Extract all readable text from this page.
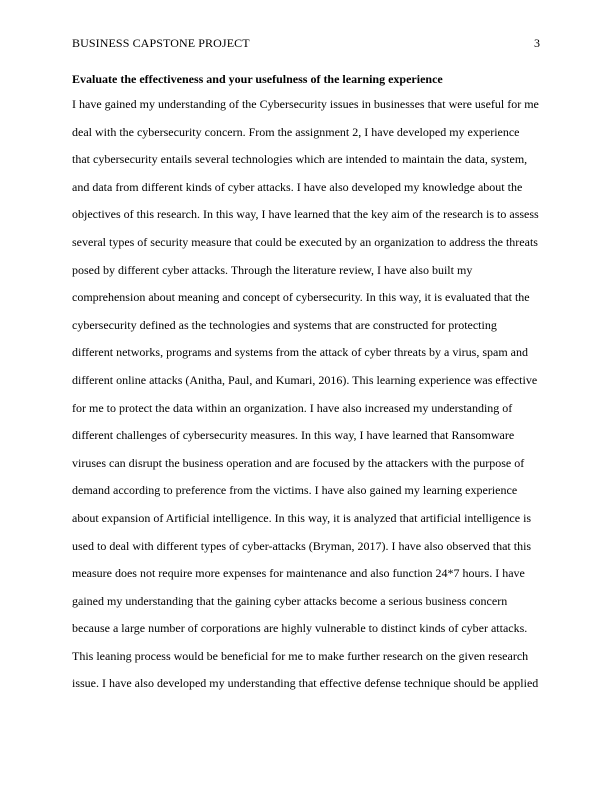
BUSINESS CAPSTONE PROJECT	3
Evaluate the effectiveness and your usefulness of the learning experience
I have gained my understanding of the Cybersecurity issues in businesses that were useful for me
deal with the cybersecurity concern. From the assignment 2, I have developed my experience
that cybersecurity entails several technologies which are intended to maintain the data, system,
and data from different kinds of cyber attacks. I have also developed my knowledge about the
objectives of this research. In this way, I have learned that the key aim of the research is to assess
several types of security measure that could be executed by an organization to address the threats
posed by different cyber attacks. Through the literature review, I have also built my
comprehension about meaning and concept of cybersecurity. In this way, it is evaluated that the
cybersecurity defined as the technologies and systems that are constructed for protecting
different networks, programs and systems from the attack of cyber threats by a virus, spam and
different online attacks (Anitha, Paul, and Kumari, 2016). This learning experience was effective
for me to protect the data within an organization. I have also increased my understanding of
different challenges of cybersecurity measures. In this way, I have learned that Ransomware
viruses can disrupt the business operation and are focused by the attackers with the purpose of
demand according to preference from the victims. I have also gained my learning experience
about expansion of Artificial intelligence. In this way, it is analyzed that artificial intelligence is
used to deal with different types of cyber-attacks (Bryman, 2017). I have also observed that this
measure does not require more expenses for maintenance and also function 24*7 hours. I have
gained my understanding that the gaining cyber attacks become a serious business concern
because a large number of corporations are highly vulnerable to distinct kinds of cyber attacks.
This leaning process would be beneficial for me to make further research on the given research
issue. I have also developed my understanding that effective defense technique should be applied
